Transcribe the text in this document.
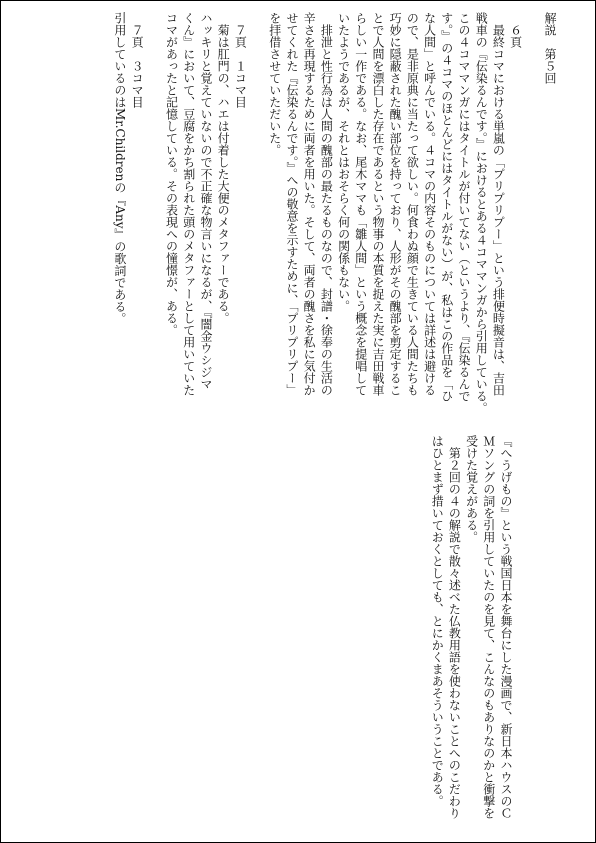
解説　第５回

　６頁
　最終コマにおける単嵐の「プリプリプー」という排便時擬音は、吉田
戦車の『伝染るんです。』におけるとある４コママンガから引用している。
この４コママンガにはタイトルが付いてない（というより、『伝染るんで
す。』の４コマのほとんどにはタイトルがない）が、私はこの作品を「ひ
な人間」と呼んでいる。４コマの内容そのものについては詳述は避ける
ので、是非原典に当たって欲しい。何食わぬ顔で生きている人間たちも
巧妙に隠蔽された醜い部位を持っており、人形がその醜部を剪定するこ
とで人間を漂白した存在であるという物事の本質を捉えた実に吉田戦車
らしい一作である。なお、尾木ママも「雛人間」という概念を提唱して
いたようであるが、それとはおそらく何の関係もない。
　排泄と性行為は人間の醜部の最たるものなので、封譜・徐奉の生活の
辛さを再現するために両者を用いた。そして、両者の醜さを私に気付か
せてくれた『伝染るんです。』への敬意を示すために、「プリプリプー」
を拝借させていただいた。

　７頁　１コマ目
　菊は肛門の、ハエは付着した大便のメタファーである。
ハッキリと覚えていないので不正確な物言いになるが、『闇金ウシジマ
くん』において、豆腐をかち割られた頭のメタファーとして用いていた
コマがあったと記憶している。その表現への憧憬が、ある。

　７頁　３コマ目
引用しているのはMr.Childrenの『Any』の歌詞である。
『へうげもの』という戦国日本を舞台にした漫画で、新日本ハウスのＣ
Ｍソングの詞を引用していたのを見て、こんなのもありなのかと衝撃を
受けた覚えがある。
　第２回の４の解説で散々述べた仏教用語を使わないことへのこだわり
はひとまず措いておくとしても、とにかくまあそういうことである。
